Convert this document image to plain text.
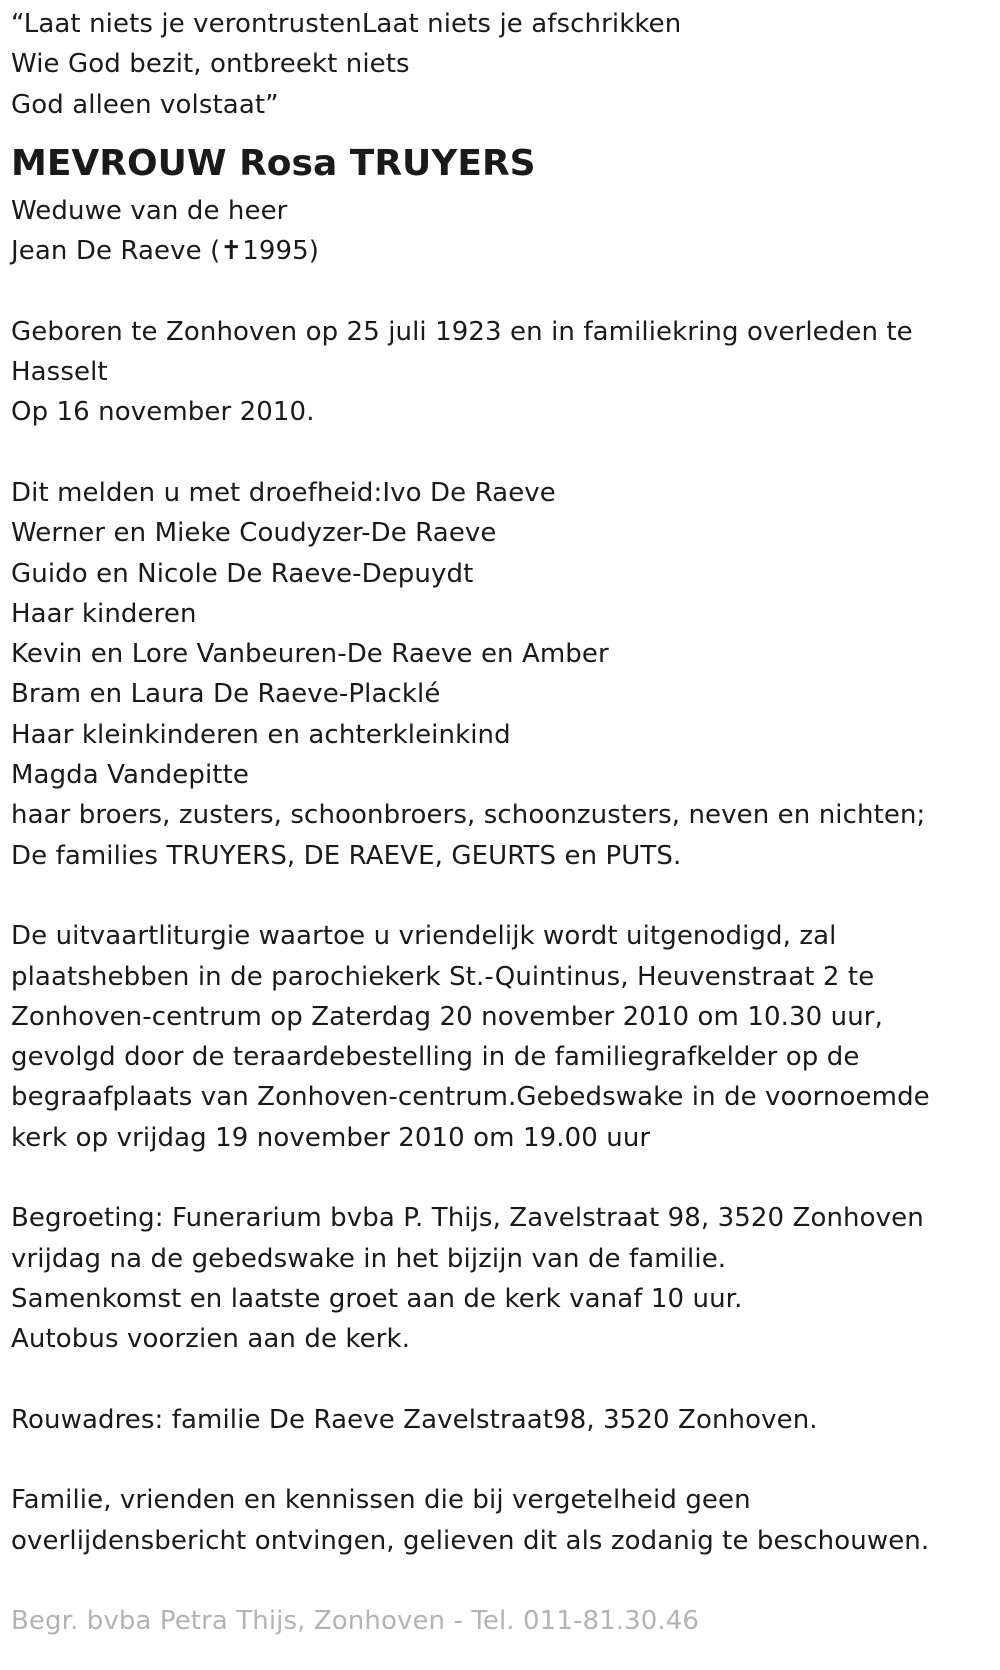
“Laat niets je verontrustenLaat niets je afschrikken
Wie God bezit, ontbreekt niets
God alleen volstaat”
MEVROUW Rosa TRUYERS
Weduwe van de heer
Jean De Raeve (✝1995)
Geboren te Zonhoven op 25 juli 1923 en in familiekring overleden te
Hasselt
Op 16 november 2010.
Dit melden u met droefheid:Ivo De Raeve
Werner en Mieke Coudyzer-De Raeve
Guido en Nicole De Raeve-Depuydt
Haar kinderen
Kevin en Lore Vanbeuren-De Raeve en Amber
Bram en Laura De Raeve-Placklé
Haar kleinkinderen en achterkleinkind
Magda Vandepitte
haar broers, zusters, schoonbroers, schoonzusters, neven en nichten;
De families TRUYERS, DE RAEVE, GEURTS en PUTS.
De uitvaartliturgie waartoe u vriendelijk wordt uitgenodigd, zal
plaatshebben in de parochiekerk St.-Quintinus, Heuvenstraat 2 te
Zonhoven-centrum op Zaterdag 20 november 2010 om 10.30 uur,
gevolgd door de teraardebestelling in de familiegrafkelder op de
begraafplaats van Zonhoven-centrum.Gebedswake in de voornoemde
kerk op vrijdag 19 november 2010 om 19.00 uur
Begroeting: Funerarium bvba P. Thijs, Zavelstraat 98, 3520 Zonhoven
vrijdag na de gebedswake in het bijzijn van de familie.
Samenkomst en laatste groet aan de kerk vanaf 10 uur.
Autobus voorzien aan de kerk.
Rouwadres: familie De Raeve Zavelstraat98, 3520 Zonhoven.
Familie, vrienden en kennissen die bij vergetelheid geen
overlijdensbericht ontvingen, gelieven dit als zodanig te beschouwen.
Begr. bvba Petra Thijs, Zonhoven - Tel. 011-81.30.46
